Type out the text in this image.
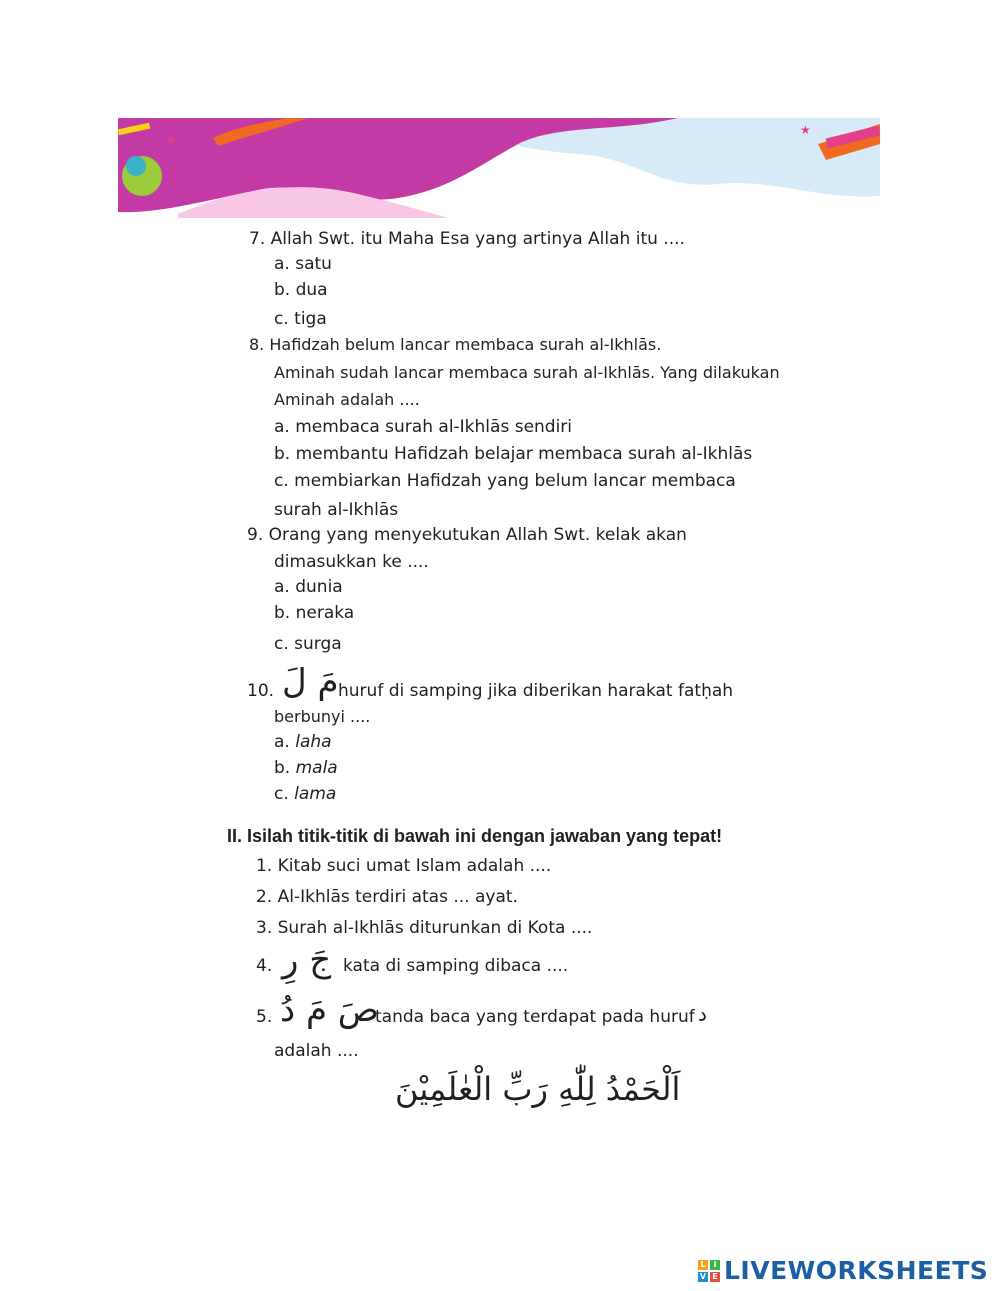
★
★
7. Allah Swt. itu Maha Esa yang artinya Allah itu ....
a. satu
b. dua
c. tiga
8. Hafidzah belum lancar membaca surah al-Ikhlās.
Aminah sudah lancar membaca surah al-Ikhlās. Yang dilakukan
Aminah adalah ....
a. membaca surah al-Ikhlās sendiri
b. membantu Hafidzah belajar membaca surah al-Ikhlās
c. membiarkan Hafidzah yang belum lancar membaca
surah al-Ikhlās
9. Orang yang menyekutukan Allah Swt. kelak akan
dimasukkan ke ....
a. dunia
b. neraka
c. surga
10. مَ لَ huruf di samping jika diberikan harakat fatḥah
berbunyi ....
a. laha
b. mala
c. lama
II. Isilah titik-titik di bawah ini dengan jawaban yang tepat!
1. Kitab suci umat Islam adalah ....
2. Al-Ikhlās terdiri atas ... ayat.
3. Surah al-Ikhlās diturunkan di Kota ....
4. جَ رِ kata di samping dibaca ....
5. صَ مَ دُ
tanda baca yang terdapat pada huruf د
adalah ....
اَلْحَمْدُ لِلّٰهِ رَبِّ الْعٰلَمِيْنَ
L I
V E LIVEWORKSHEETS
